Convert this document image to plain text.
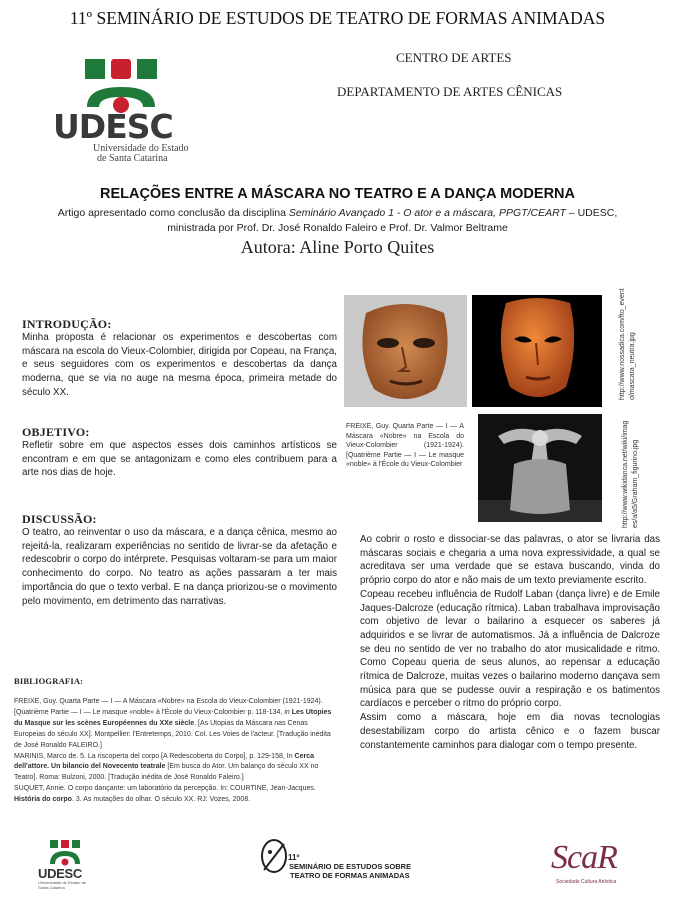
11º SEMINÁRIO DE ESTUDOS DE TEATRO DE FORMAS ANIMADAS
CENTRO DE ARTES
DEPARTAMENTO DE ARTES CÊNICAS
UDESC
Universidade do Estado
de Santa Catarina
RELAÇÕES ENTRE A MÁSCARA NO TEATRO E A DANÇA MODERNA
Artigo apresentado como conclusão da disciplina Seminário Avançado 1 - O ator e a máscara, PPGT/CEART – UDESC,
ministrada por Prof. Dr. José Ronaldo Faleiro e Prof. Dr. Valmor Beltrame
Autora: Aline Porto Quites
INTRODUÇÃO:
Minha proposta é relacionar os experimentos e descobertas com máscara na escola do Vieux-Colombier, dirigida por Copeau, na França, e seus seguidores com os experimentos e descobertas da dança moderna, que se via no auge na mesma época, primeira metade do século XX.
OBJETIVO:
Refletir sobre em que aspectos esses dois caminhos artísticos se encontram e em que se antagonizam e como eles contribuem para a arte nos dias de hoje.
DISCUSSÃO:
O teatro, ao reinventar o uso da máscara, e a dança cênica, mesmo ao rejeitá-la, realizaram experiências no sentido de livrar-se da afetação e redescobrir o corpo do intérprete. Pesquisas voltaram-se para um maior conhecimento do corpo. No teatro as ações passaram a ter mais importância do que o texto verbal. E na dança priorizou-se o movimento pelo movimento, em detrimento das narrativas.
FREIXE, Guy. Quarta Parte — I — A Máscara «Nobre» na Escola do Vieux-Colombier (1921-1924). [Quatrième Partie — I — Le masque «noble» à l'École du Vieux-Colombier
http://www.nossadica.com/fto_evento/mascara_neutra.jpg
http://www.wikidanca.net/wiki/images/a/a5/Graham_figurino.jpg
Ao cobrir o rosto e dissociar-se das palavras, o ator se livraria das máscaras sociais e chegaria a uma nova expressividade, a qual se acreditava ser uma verdade que se estava buscando, vinda do próprio corpo do ator e não mais de um texto previamente escrito.
Copeau recebeu influência de Rudolf Laban (dança livre) e de Emile Jaques-Dalcroze (educação rítmica). Laban trabalhava improvisação com objetivo de levar o bailarino a esquecer os saberes já adquiridos e se livrar de automatismos. Já a influência de Dalcroze se deu no sentido de ver no trabalho do ator musicalidade e ritmo. Como Copeau queria de seus alunos, ao repensar a educação rítmica de Dalcroze, muitas vezes o bailarino moderno dançava sem música para que se pudesse ouvir a respiração e os batimentos cardíacos e perceber o ritmo do próprio corpo.
Assim como a máscara, hoje em dia novas tecnologias desestabilizam corpo do artista cênico e o fazem buscar constantemente caminhos para dialogar com o tempo presente.
BIBLIOGRAFIA:
FREIXE, Guy. Quarta Parte — I — A Máscara «Nobre» na Escola do Vieux-Colombier (1921-1924). [Quatrième Partie — I — Le masque «noble» à l'École du Vieux-Colombier p. 118-134, in Les Utopies du Masque sur les scènes Européennes du XXe siècle. [As Utopias da Máscara nas Cenas Europeias do século XX]. Montpellier: l'Entretemps, 2010. Col. Les Voies de l'acteur. [Tradução inédita de José Ronaldo FALEIRO.]
MARINIS, Marco de. 5. La riscoperta del corpo [A Redescoberta do Corpo], p. 129-158, In Cerca dell'attore. Un bilancio del Novecento teatrale [Em busca do Ator. Um balanço do século XX no Teatro]. Roma: Bulzoni, 2000. [Tradução inédita de José Ronaldo Faleiro.]
SUQUET, Annie. O corpo dançante: um laboratório da percepção. In: COURTINE, Jean-Jacques. História do corpo. 3. As mutações do olhar. O século XX. RJ: Vozes, 2008.
UDESC
Universidade do Estado de Santa Catarina
11º
SEMINÁRIO DE ESTUDOS SOBRE
TEATRO DE FORMAS ANIMADAS	ScaR
Sociedade Cultura Artística
